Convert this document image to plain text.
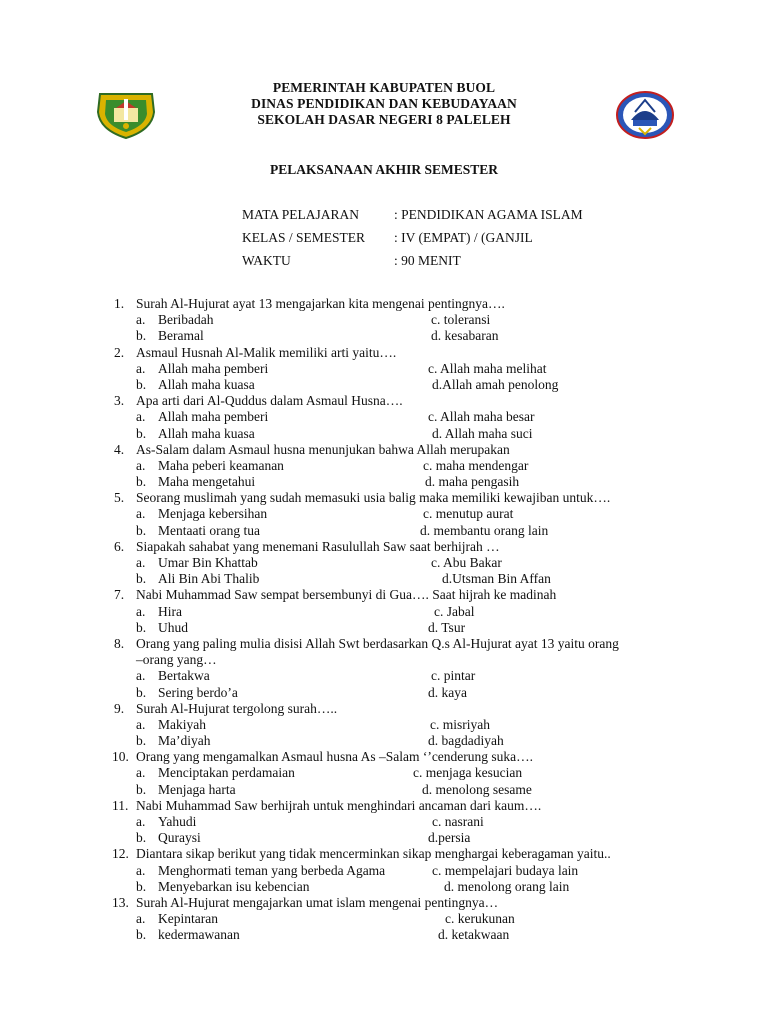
PEMERINTAH KABUPATEN BUOL
DINAS PENDIDIKAN DAN KEBUDAYAAN
SEKOLAH DASAR NEGERI 8 PALELEH
PELAKSANAAN AKHIR SEMESTER
MATA PELAJARAN	: PENDIDIKAN AGAMA ISLAM
KELAS / SEMESTER	: IV (EMPAT) / (GANJIL
WAKTU	: 90 MENIT
1. Surah Al-Hujurat ayat 13 mengajarkan kita mengenai pentingnya….
a. Beribadah	c. toleransi
b. Beramal	d. kesabaran
2. Asmaul Husnah Al-Malik memiliki arti yaitu….
a. Allah maha pemberi	c. Allah maha melihat
b. Allah maha kuasa	d.Allah amah penolong
3. Apa arti dari Al-Quddus dalam Asmaul Husna….
a. Allah maha pemberi	c. Allah maha besar
b. Allah maha kuasa	d. Allah maha suci
4. As-Salam dalam Asmaul husna menunjukan bahwa Allah merupakan
a. Maha peberi keamanan	c. maha mendengar
b. Maha mengetahui	d. maha pengasih
5. Seorang muslimah yang sudah memasuki usia balig maka memiliki kewajiban untuk….
a. Menjaga kebersihan	c. menutup aurat
b. Mentaati orang tua	d. membantu orang lain
6. Siapakah sahabat yang menemani Rasulullah Saw saat berhijrah …
a. Umar Bin Khattab	c. Abu Bakar
b. Ali Bin Abi Thalib	d.Utsman Bin Affan
7. Nabi Muhammad Saw sempat bersembunyi di Gua…. Saat hijrah ke madinah
a. Hira	c. Jabal
b. Uhud	d. Tsur
8. Orang yang paling mulia disisi Allah Swt berdasarkan Q.s Al-Hujurat ayat 13 yaitu orang
–orang yang…
a. Bertakwa	c. pintar
b. Sering berdo’a	d. kaya
9. Surah Al-Hujurat tergolong surah…..
a. Makiyah	c. misriyah
b. Ma’diyah	d. bagdadiyah
10. Orang yang mengamalkan Asmaul husna As –Salam ‘’cenderung suka….
a. Menciptakan perdamaian	c. menjaga kesucian
b. Menjaga harta	d. menolong sesame
11. Nabi Muhammad Saw berhijrah untuk menghindari ancaman dari kaum….
a. Yahudi	c. nasrani
b. Quraysi	d.persia
12. Diantara sikap berikut yang tidak mencerminkan sikap menghargai keberagaman yaitu..
a. Menghormati teman yang berbeda Agama	c. mempelajari budaya lain
b. Menyebarkan isu kebencian	d. menolong orang lain
13. Surah Al-Hujurat mengajarkan umat islam mengenai pentingnya…
a. Kepintaran	c. kerukunan
b. kedermawanan	d. ketakwaan
